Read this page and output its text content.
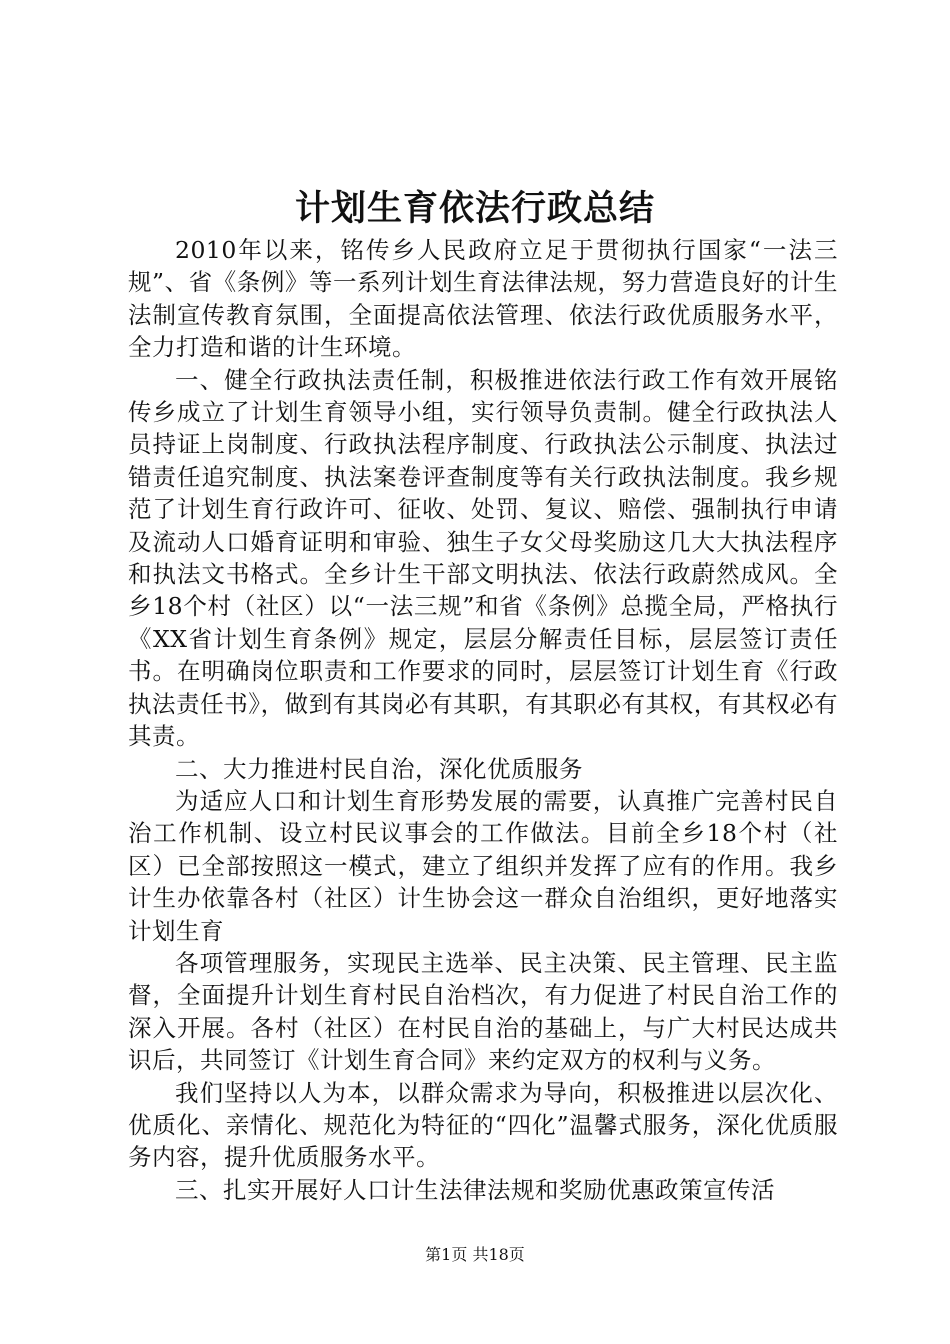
计划生育依法行政总结

2010年以来，铭传乡人民政府立足于贯彻执行国家“一法三规”、省《条例》等一系列计划生育法律法规，努力营造良好的计生法制宣传教育氛围，全面提高依法管理、依法行政优质服务水平，全力打造和谐的计生环境。

一、健全行政执法责任制，积极推进依法行政工作有效开展铭传乡成立了计划生育领导小组，实行领导负责制。健全行政执法人员持证上岗制度、行政执法程序制度、行政执法公示制度、执法过错责任追究制度、执法案卷评查制度等有关行政执法制度。我乡规范了计划生育行政许可、征收、处罚、复议、赔偿、强制执行申请及流动人口婚育证明和审验、独生子女父母奖励这几大大执法程序和执法文书格式。全乡计生干部文明执法、依法行政蔚然成风。全乡18个村（社区）以“一法三规”和省《条例》总揽全局，严格执行《XX省计划生育条例》规定，层层分解责任目标，层层签订责任书。在明确岗位职责和工作要求的同时，层层签订计划生育《行政执法责任书》，做到有其岗必有其职，有其职必有其权，有其权必有其责。

二、大力推进村民自治，深化优质服务

为适应人口和计划生育形势发展的需要，认真推广完善村民自治工作机制、设立村民议事会的工作做法。目前全乡18个村（社区）已全部按照这一模式，建立了组织并发挥了应有的作用。我乡计生办依靠各村（社区）计生协会这一群众自治组织，更好地落实计划生育

各项管理服务，实现民主选举、民主决策、民主管理、民主监督，全面提升计划生育村民自治档次，有力促进了村民自治工作的深入开展。各村（社区）在村民自治的基础上，与广大村民达成共识后，共同签订《计划生育合同》来约定双方的权利与义务。

我们坚持以人为本，以群众需求为导向，积极推进以层次化、优质化、亲情化、规范化为特征的“四化”温馨式服务，深化优质服务内容，提升优质服务水平。

三、扎实开展好人口计生法律法规和奖励优惠政策宣传活

第1页 共18页
